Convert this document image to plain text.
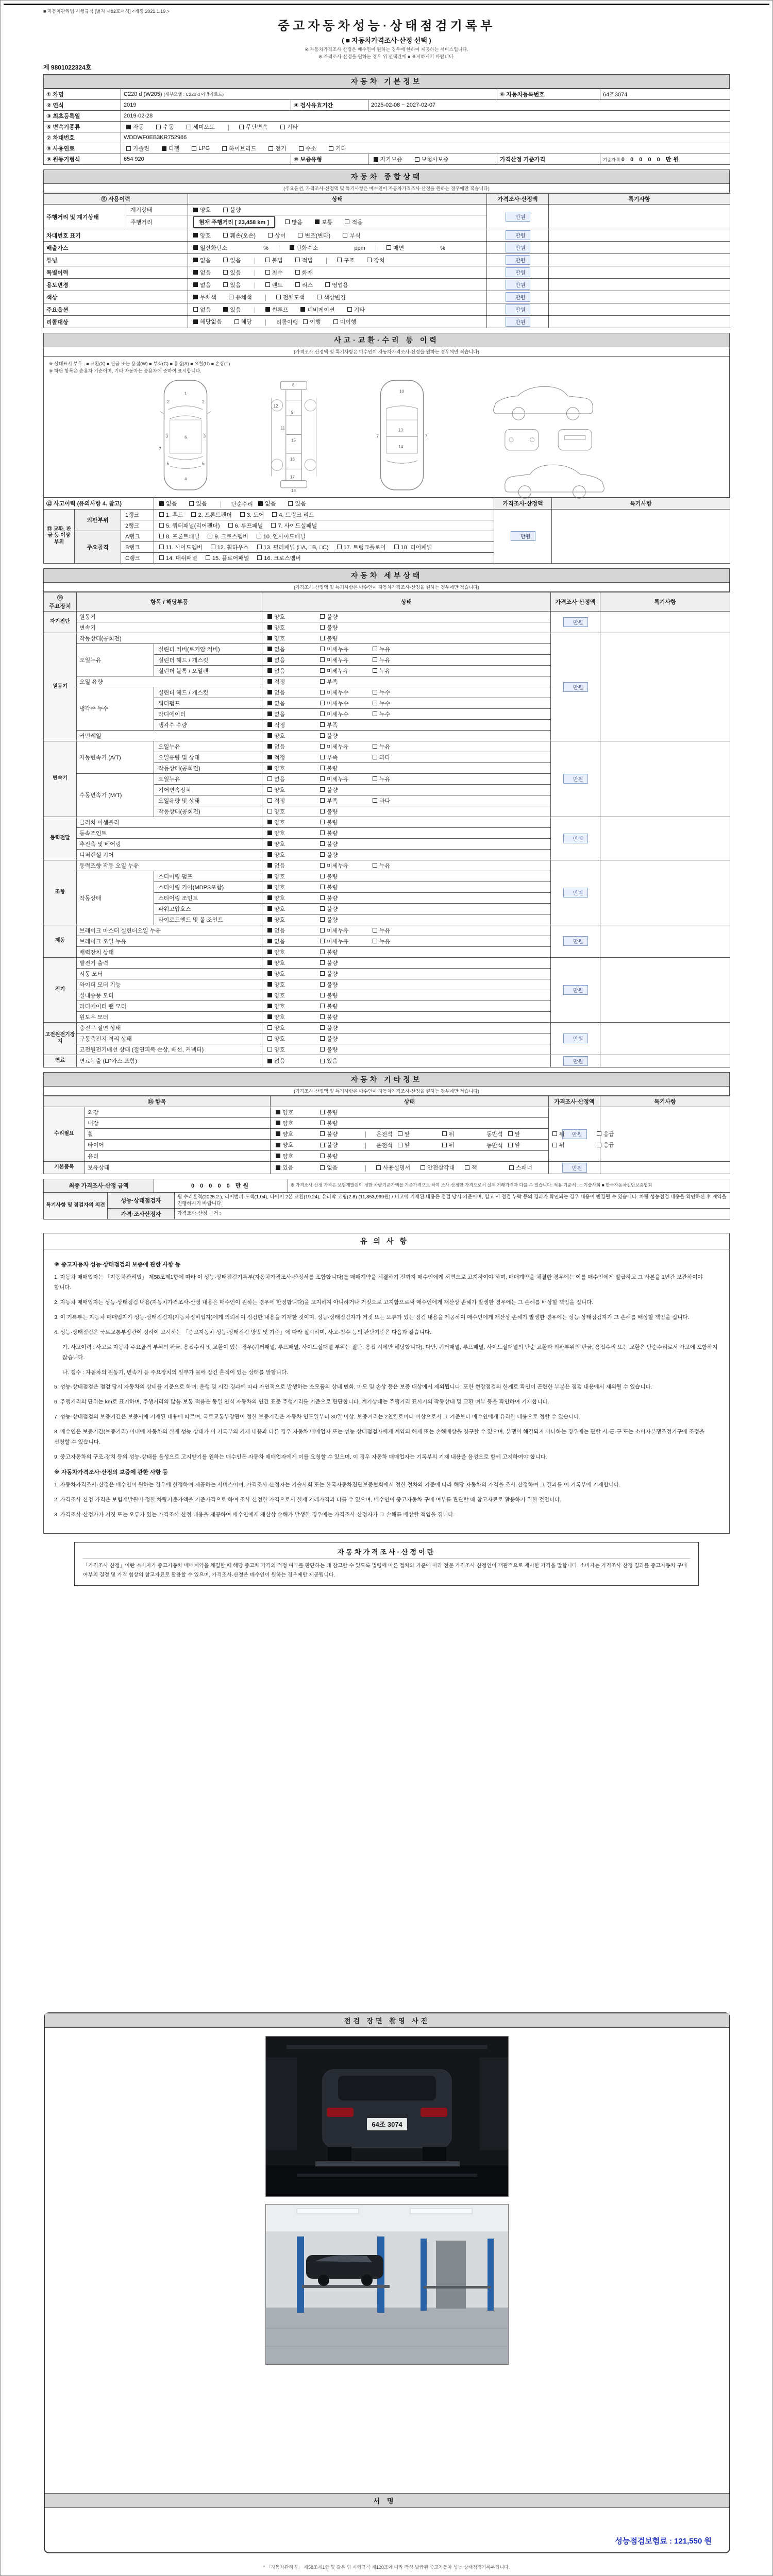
■ 자동차관리법 시행규칙 [별지 제82호서식] <개정 2021.1.19.>
중고자동차성능·상태점검기록부
( ■ 자동차가격조사·산정 선택 )
※ 자동차가격조사·산정은 매수인이 원하는 경우에 한하여 제공하는 서비스입니다.
※ 가격조사·산정을 원하는 경우 위 선택란에 ■ 표시하시기 바랍니다.
제 9801022324호
자동차 기본정보
① 차명	C220 d (W205) (세부모델 : C220 d 아방가르드)			⑥ 자동차등록번호	64조3074
② 연식	2019	④ 검사유효기간	2025-02-08 ~ 2027-02-07		
③ 최초등록일	2019-02-28				
⑤ 변속기종류	자동 수동 세미오토 무단변속 기타				

⑦ 차대번호	WDDWF0EB3KR752986				
⑧ 사용연료	가솔린	디젤	LPG	하이브리드	전기	수소	기타

⑨ 원동기형식	654 920	⑩ 보증유형	자가보증 보험사보증	가격산정 기준가격	기준가격 0 0 0 0 0 만원
자동차 종합상태
(주요옵션, 가격조사·산정액 및 특기사항은 매수인이 자동차가격조사·산정을 원하는 경우에만 적습니다)
⑪ 사용이력		상태	가격조사·산정액	특기사항
주행거리 및 계기상태	계기상태	양호 불량	만원	
	주행거리	현재 주행거리 [ 23,458 km ] 많음 보통 적음		

차대번호 표기		양호 훼손(오손) 상이 변조(변타) 부식	만원	
배출가스	일산화탄소	%	탄화수소	ppm	매연	%	만원	
튜닝	없음	있음	불법	적법	구조	장치	만원	
특별이력		없음 있음 침수 화재	만원	
용도변경		없음 있음 렌트 리스 영업용	만원	
색상		무채색 유채색 전체도색 색상변경	만원	
주요옵션		없음 있음 썬루프 네비게이션 기타	만원	
리콜대상		해당없음 해당 리콜이행 이행 미이행	만원	
사고·교환·수리 등 이력
(가격조사·산정액 및 특기사항은 매수인이 자동차가격조사·산정을 원하는 경우에만 적습니다)
※ 상태표시 부호 : ■ 교환(X) ■ 판금 또는 용접(W) ■ 부식(C) ■ 흠집(A) ■ 요철(U) ■ 손상(T)
※ 하단 항목은 승용차 기준이며, 기타 자동차는 승용차에 준하여 표시합니다.
1
2	2
3	3
4
5	5
6
7
8
9
11
12
15
16
17
18
10
13
14
7	7
⑫ 사고이력 (유의사항 4. 참고)			없음 있음 단순수리 없음 있음	가격조사·산정액	특기사항
⑬ 교환, 판금 등 이상 부위	외판부위	1랭크	1. 후드 2. 프론트펜더 3. 도어 4. 트렁크 리드	만원	
		2랭크	5. 쿼터패널(리어펜더) 6. 루프패널 7. 사이드실패널		

	주요골격	A랭크	8. 프론트패널 9. 크로스멤버 10. 인사이드패널		

		B랭크	11. 사이드멤버 12. 휠하우스 13. 필러패널 (□A, □B, □C) 17. 트렁크플로어 18. 리어패널		

		C랭크	14. 대쉬패널 15. 플로어패널 16. 크로스멤버		
자동차 세부상태
(가격조사·산정액 및 특기사항은 매수인이 자동차가격조사·산정을 원하는 경우에만 적습니다)
⑭ 주요장치	항목 / 해당부품		상태	가격조사·산정액	특기사항
자기진단	원동기		양호 불량	만원	
	변속기		양호 불량		

원동기	작동상태(공회전)		양호 불량	만원	
	오일누유	실린더 커버(로커암 커버)	없음 미세누유 누유		

		실린더 헤드 / 개스킷	없음 미세누유 누유		

		실린더 블록 / 오일팬	없음 미세누유 누유		

	오일 유량		적정 부족		

	냉각수 누수	실린더 헤드 / 개스킷	없음 미세누수 누수		

		워터펌프	없음 미세누수 누수		

		라디에이터	없음 미세누수 누수		

		냉각수 수량	적정 부족		

	커먼레일		양호 불량		

변속기	자동변속기 (A/T)	오일누유	없음 미세누유 누유	만원	
		오일유량 및 상태	적정 부족 과다		

		작동상태(공회전)	양호 불량		

	수동변속기 (M/T)	오일누유	없음 미세누유 누유		

		기어변속장치	양호 불량		

		오일유량 및 상태	적정 부족 과다		

		작동상태(공회전)	양호 불량		

동력전달	클러치 어셈블리		양호 불량	만원	
	등속조인트		양호 불량		

	추진축 및 베어링		양호 불량		

	디퍼렌셜 기어		양호 불량		

조향	동력조향 작동 오일 누유		없음 미세누유 누유	만원	
	작동상태	스티어링 펌프	양호 불량		

		스티어링 기어(MDPS포함)	양호 불량		

		스티어링 조인트	양호 불량		

		파워고압호스	양호 불량		

		타이로드엔드 및 볼 조인트	양호 불량		

제동	브레이크 마스터 실린더오일 누유		없음 미세누유 누유	만원	
	브레이크 오일 누유		없음 미세누유 누유		

	배력장치 상태		양호 불량		

전기	발전기 출력		양호 불량	만원	
	시동 모터		양호 불량		

	와이퍼 모터 기능		양호 불량		

	실내송풍 모터		양호 불량		

	라디에이터 팬 모터		양호 불량		

	윈도우 모터		양호 불량		

고전원전기장치	충전구 절연 상태		양호 불량	만원	
	구동축전지 격리 상태		양호 불량		

	고전원전기배선 상태 (절연피복 손상, 배선, 커넥터)		양호 불량		

연료	연료누출 (LP가스 포함)		없음 있음	만원	
자동차 기타정보
(가격조사·산정액 및 특기사항은 매수인이 자동차가격조사·산정을 원하는 경우에만 적습니다)
⑮ 항목		상태	가격조사·산정액	특기사항
수리필요	외장	양호 불량	만원	
	내장	양호 불량		

휠	양호	불량	운전석 앞	뒤	동반석 앞	뒤	응급

타이어	양호	불량	운전석 앞	뒤	동반석 앞	뒤	응급

	유리	양호 불량		

기본품목	보유상태	있음	없음	사용설명서	안전삼각대	잭	스패너	만원	
최종 가격조사·산정 금액	0 0 0 0 0 만원	※ 가격조사·산정 가격은 보험개발원이 정한 차량기준가액을 기준가격으로 하여 조사·산정한 가격으로서 실제 거래가격과 다를 수 있습니다. 적용 기준서 : □ 기술사회 ■ 한국자동차진단보증협회
특기사항 및 점검자의 의견	성능·상태점검자	휠 수리흔적(2025.2.), 리어범퍼 도색(1.04), 타이어 2본 교환(19.24), 유리막 코팅(2.8) (11,853,999원) / 비고에 기재된 내용은 점검 당시 기준이며, 입고 시 점검 누락 등의 경과가 확인되는 경우 내용이 변경될 수 있습니다. 차량 성능점검 내용을 확인하신 후 계약을 진행하시기 바랍니다.
	가격·조사산정자	가격조사·산정 근거 :
유의사항
※ 중고자동차 성능·상태점검의 보증에 관한 사항 등

1. 자동차 매매업자는 「자동차관리법」 제58조제1항에 따라 이 성능·상태점검기록부(자동차가격조사·산정서를 포함합니다)를 매매계약을 체결하기 전까지 매수인에게 서면으로 고지하여야 하며, 매매계약을 체결한 경우에는 이를 매수인에게 발급하고 그 사본을 1년간 보관하여야 합니다.

2. 자동차 매매업자는 성능·상태점검 내용(자동차가격조사·산정 내용은 매수인이 원하는 경우에 한정합니다)을 고지하지 아니하거나 거짓으로 고지함으로써 매수인에게 재산상 손해가 발생한 경우에는 그 손해를 배상할 책임을 집니다.

3. 이 기록부는 자동차 매매업자가 성능·상태점검자(자동차정비업자)에게 의뢰하여 점검한 내용을 기재한 것이며, 성능·상태점검자가 거짓 또는 오류가 있는 점검 내용을 제공하여 매수인에게 재산상 손해가 발생한 경우에는 성능·상태점검자가 그 손해를 배상할 책임을 집니다.

4. 성능·상태점검은 국토교통부장관이 정하여 고시하는 「중고자동차 성능·상태점검 방법 및 기준」에 따라 실시하며, 사고·침수 등의 판단기준은 다음과 같습니다.

가. 사고이력 : 사고로 자동차 주요골격 부위의 판금, 용접수리 및 교환이 있는 경우(쿼터패널, 루프패널, 사이드실패널 부위는 절단, 용접 시에만 해당합니다). 다만, 쿼터패널, 루프패널, 사이드실패널의 단순 교환과 외판부위의 판금, 용접수리 또는 교환은 단순수리로서 사고에 포함하지 않습니다.

나. 침수 : 자동차의 원동기, 변속기 등 주요장치의 일부가 물에 잠긴 흔적이 있는 상태를 말합니다.

5. 성능·상태점검은 점검 당시 자동차의 상태를 기준으로 하며, 운행 및 시간 경과에 따라 자연적으로 발생하는 소모품의 상태 변화, 마모 및 손상 등은 보증 대상에서 제외됩니다. 또한 현장점검의 한계로 확인이 곤란한 부분은 점검 내용에서 제외될 수 있습니다.

6. 주행거리의 단위는 km로 표기하며, 주행거리의 많음·보통·적음은 동일 연식 자동차의 연간 표준 주행거리를 기준으로 판단합니다. 계기상태는 주행거리 표시기의 작동상태 및 교환 여부 등을 확인하여 기재합니다.

7. 성능·상태점검의 보증기간은 보증서에 기재된 내용에 따르며, 국토교통부장관이 정한 보증기간은 자동차 인도일부터 30일 이상, 보증거리는 2천킬로미터 이상으로서 그 기준보다 매수인에게 유리한 내용으로 정할 수 있습니다.

8. 매수인은 보증기간(보증거리) 이내에 자동차의 실제 성능·상태가 이 기록부의 기재 내용과 다른 경우 자동차 매매업자 또는 성능·상태점검자에게 계약의 해제 또는 손해배상을 청구할 수 있으며, 분쟁이 해결되지 아니하는 경우에는 관할 시·군·구 또는 소비자분쟁조정기구에 조정을 신청할 수 있습니다.

9. 중고자동차의 구조·장치 등의 성능·상태를 음성으로 고지받기를 원하는 매수인은 자동차 매매업자에게 이를 요청할 수 있으며, 이 경우 자동차 매매업자는 기록부의 기재 내용을 음성으로 함께 고지하여야 합니다.

※ 자동차가격조사·산정의 보증에 관한 사항 등

1. 자동차가격조사·산정은 매수인이 원하는 경우에 한정하여 제공하는 서비스이며, 가격조사·산정자는 기술사회 또는 한국자동차진단보증협회에서 정한 절차와 기준에 따라 해당 자동차의 가격을 조사·산정하여 그 결과를 이 기록부에 기재합니다.

2. 가격조사·산정 가격은 보험개발원이 정한 차량기준가액을 기준가격으로 하여 조사·산정한 가격으로서 실제 거래가격과 다를 수 있으며, 매수인이 중고자동차 구매 여부를 판단할 때 참고자료로 활용하기 위한 것입니다.

3. 가격조사·산정자가 거짓 또는 오류가 있는 가격조사·산정 내용을 제공하여 매수인에게 재산상 손해가 발생한 경우에는 가격조사·산정자가 그 손해를 배상할 책임을 집니다.

자동차가격조사·산정이란
「가격조사·산정」이란 소비자가 중고자동차 매매계약을 체결할 때 해당 중고차 가격의 적정 여부를 판단하는 데 참고할 수 있도록 법령에 따른 절차와 기준에 따라 전문 가격조사·산정인이 객관적으로 제시한 가격을 말합니다. 소비자는 가격조사·산정 결과를 중고자동차 구매 여부의 결정 및 가격 협상의 참고자료로 활용할 수 있으며, 가격조사·산정은 매수인이 원하는 경우에만 제공됩니다.
점검 장면 촬영 사진
64조 3074
서명
성능점검보험료 : 121,550 원
* 「자동차관리법」 제58조제1항 및 같은 법 시행규칙 제120조에 따라 작성·발급된 중고자동차 성능·상태점검기록부입니다.
